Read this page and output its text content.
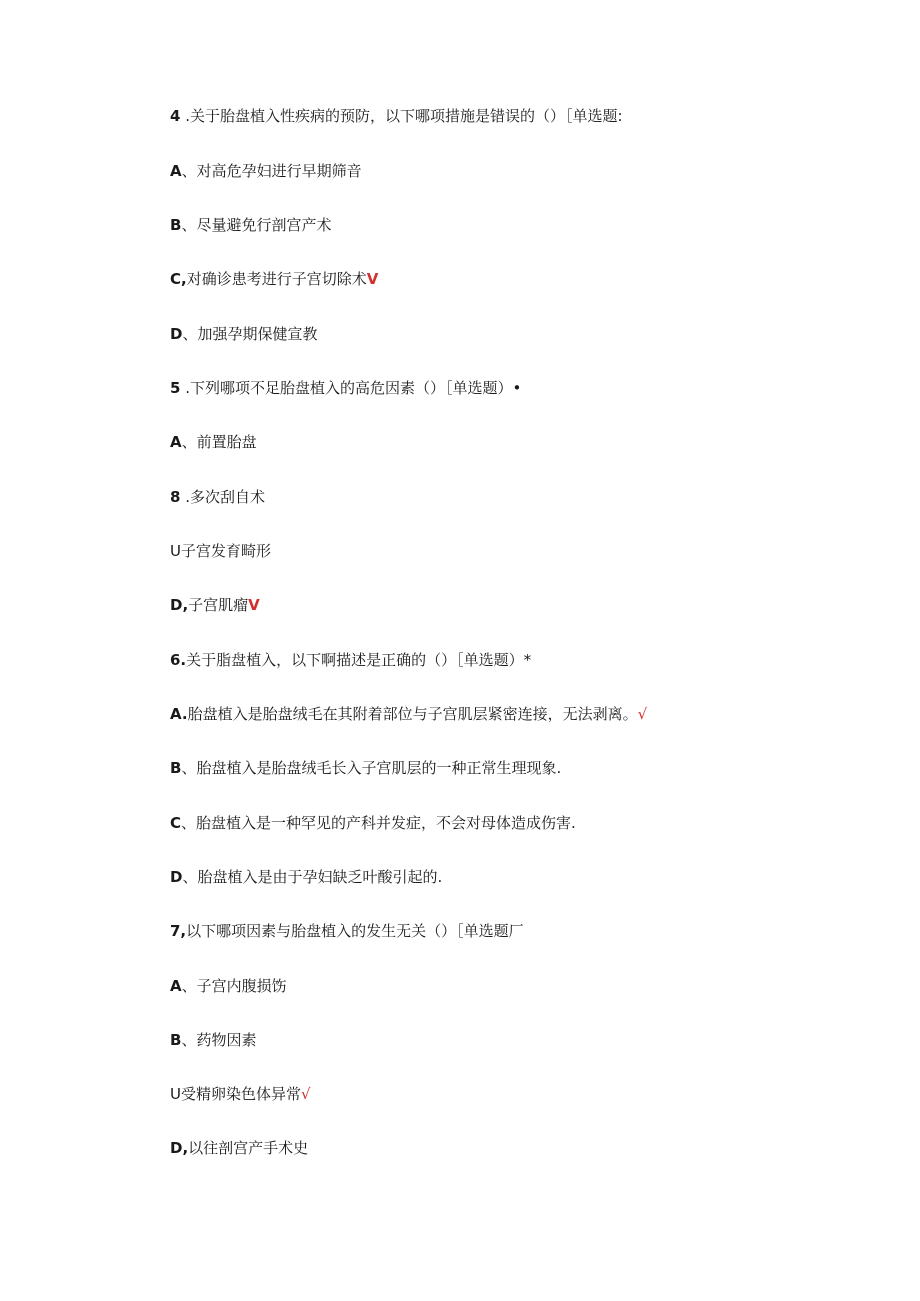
4 .关于胎盘植入性疾病的预防，以下哪项措施是错误的（）［单选题:
A、对高危孕妇进行早期筛音
B、尽量避免行剖宫产术
C,对确诊患考进行子宫切除术V
D、加强孕期保健宣教
5 .下列哪项不足胎盘植入的高危因素（）［单选题）•
A、前置胎盘
8 .多次刮自术
U子宫发育畸形
D,子宫肌瘤V
6.关于脂盘植入，以下啊描述是正确的（）［单选题）*
A.胎盘植入是胎盘绒毛在其附着部位与子宫肌层紧密连接，无法剥离。√
B、胎盘植入是胎盘绒毛长入子宫肌层的一种正常生理现象.
C、胎盘植入是一种罕见的产科并发症，不会对母体造成伤害.
D、胎盘植入是由于孕妇缺乏叶酸引起的.
7,以下哪项因素与胎盘植入的发生无关（）［单选题厂
A、子宫内腹损饬
B、药物因素
U受精卵染色体异常√
D,以往剖宫产手术史
